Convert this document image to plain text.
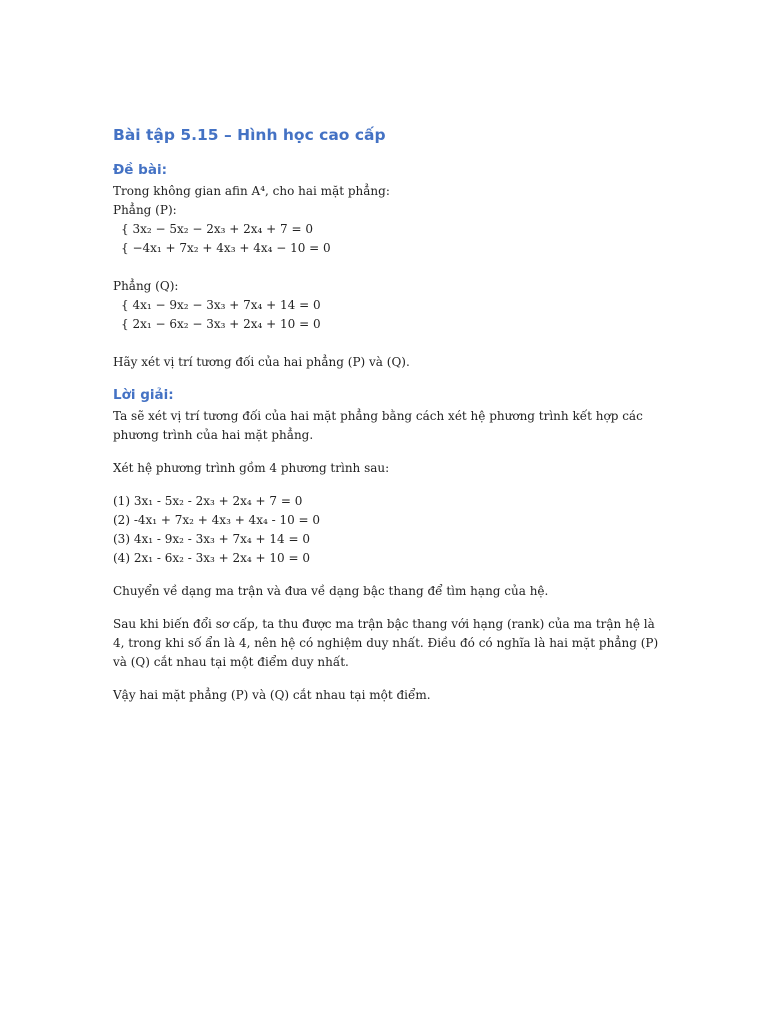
Bài tập 5.15 – Hình học cao cấp
Đề bài:

Trong không gian afin A⁴, cho hai mặt phẳng:

Phẳng (P):

{ 3x₂ − 5x₂ − 2x₃ + 2x₄ + 7 = 0

{ −4x₁ + 7x₂ + 4x₃ + 4x₄ − 10 = 0

Phẳng (Q):

{ 4x₁ − 9x₂ − 3x₃ + 7x₄ + 14 = 0

{ 2x₁ − 6x₂ − 3x₃ + 2x₄ + 10 = 0

Hãy xét vị trí tương đối của hai phẳng (P) và (Q).

Lời giải:

Ta sẽ xét vị trí tương đối của hai mặt phẳng bằng cách xét hệ phương trình kết hợp các

phương trình của hai mặt phẳng.

Xét hệ phương trình gồm 4 phương trình sau:

(1) 3x₁ - 5x₂ - 2x₃ + 2x₄ + 7 = 0

(2) -4x₁ + 7x₂ + 4x₃ + 4x₄ - 10 = 0

(3) 4x₁ - 9x₂ - 3x₃ + 7x₄ + 14 = 0

(4) 2x₁ - 6x₂ - 3x₃ + 2x₄ + 10 = 0

Chuyển về dạng ma trận và đưa về dạng bậc thang để tìm hạng của hệ.

Sau khi biến đổi sơ cấp, ta thu được ma trận bậc thang với hạng (rank) của ma trận hệ là

4, trong khi số ẩn là 4, nên hệ có nghiệm duy nhất. Điều đó có nghĩa là hai mặt phẳng (P)

và (Q) cắt nhau tại một điểm duy nhất.

Vậy hai mặt phẳng (P) và (Q) cắt nhau tại một điểm.
